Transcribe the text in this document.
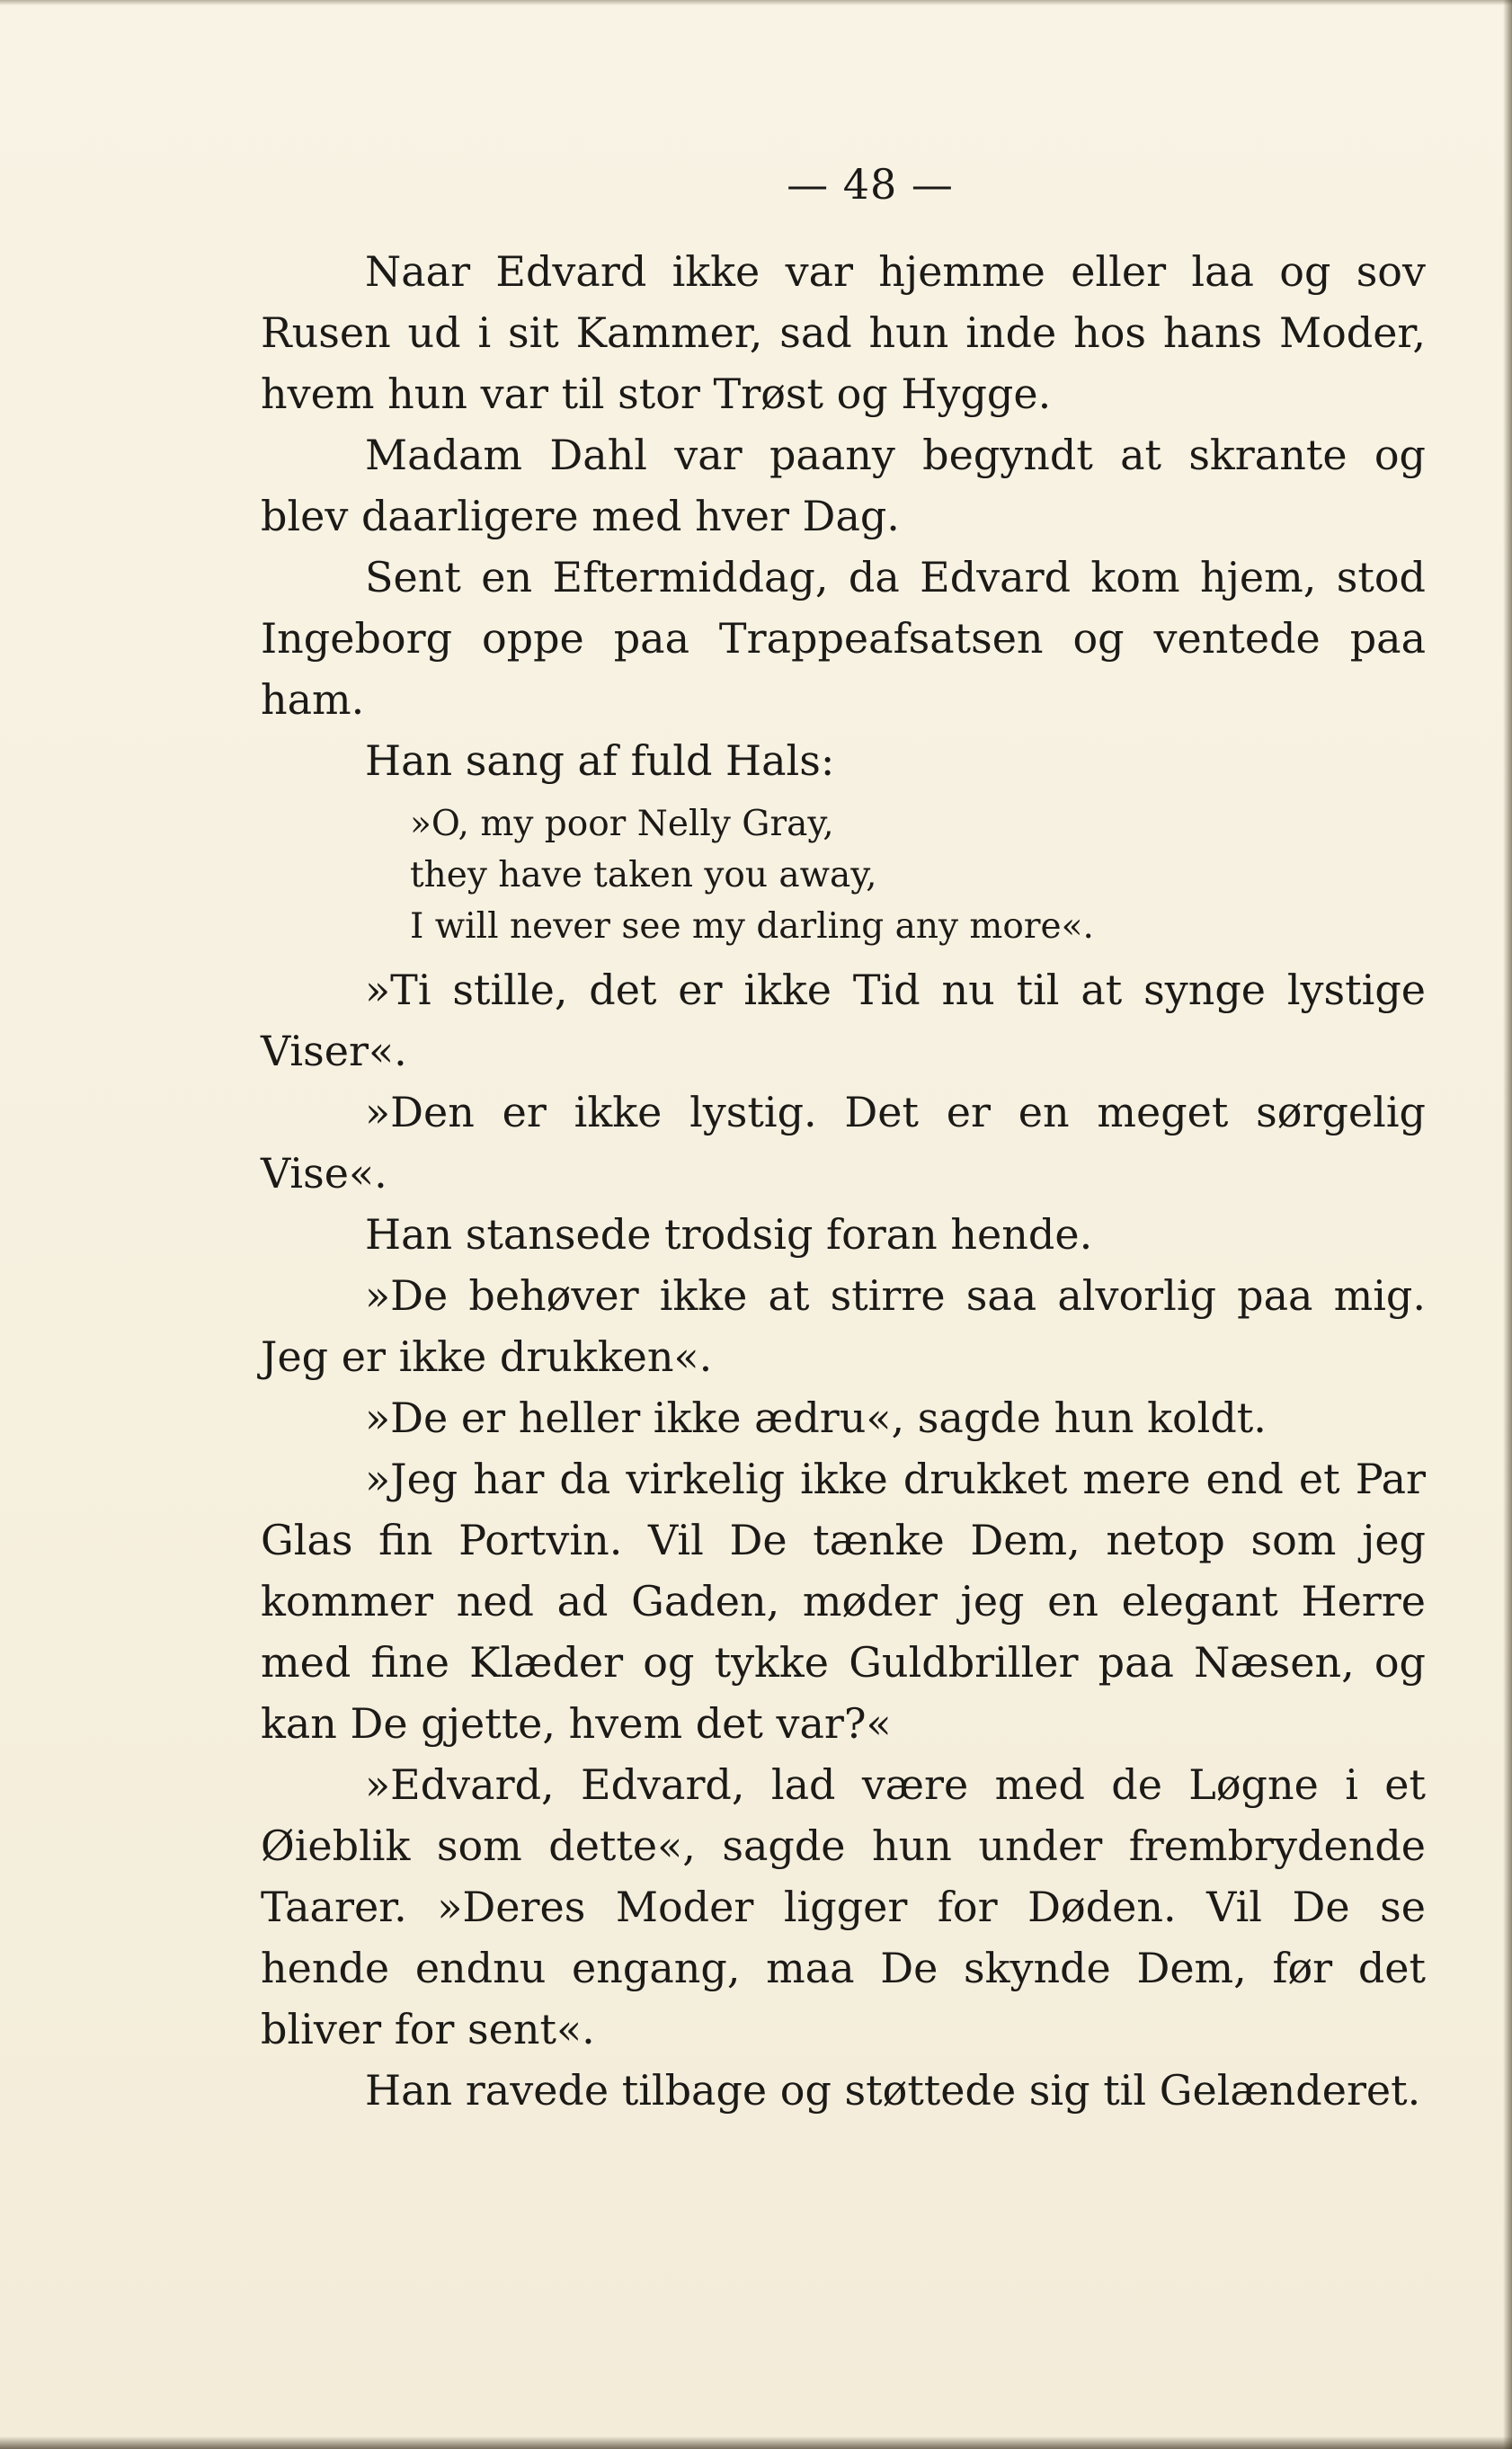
— 48 —

Naar Edvard ikke var hjemme eller laa og sov Rusen ud i sit Kammer, sad hun inde hos hans Moder, hvem hun var til stor Trøst og Hygge.

Madam Dahl var paany begyndt at skrante og blev daarligere med hver Dag.

Sent en Eftermiddag, da Edvard kom hjem, stod Ingeborg oppe paa Trappeafsatsen og ventede paa ham.

Han sang af fuld Hals:

»O, my poor Nelly Gray,
they have taken you away,
I will never see my darling any more«.

»Ti stille, det er ikke Tid nu til at synge lystige Viser«.

»Den er ikke lystig. Det er en meget sørgelig Vise«.

Han stansede trodsig foran hende.

»De behøver ikke at stirre saa alvorlig paa mig. Jeg er ikke drukken«.

»De er heller ikke ædru«, sagde hun koldt.

»Jeg har da virkelig ikke drukket mere end et Par Glas fin Portvin. Vil De tænke Dem, netop som jeg kommer ned ad Gaden, møder jeg en elegant Herre med fine Klæder og tykke Guldbriller paa Næsen, og kan De gjette, hvem det var?«

»Edvard, Edvard, lad være med de Løgne i et Øieblik som dette«, sagde hun under frembrydende Taarer. »Deres Moder ligger for Døden. Vil De se hende endnu engang, maa De skynde Dem, før det bliver for sent«.

Han ravede tilbage og støttede sig til Gelænderet.
